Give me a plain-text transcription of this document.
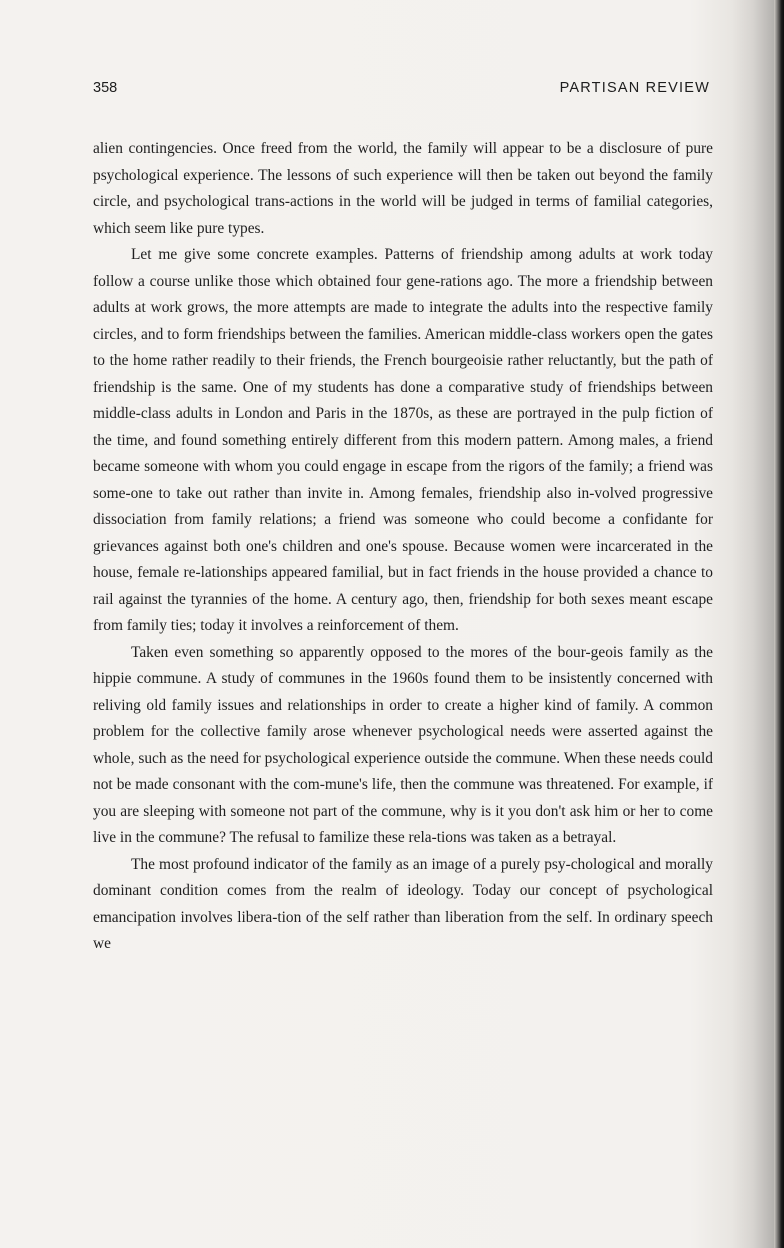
358	PARTISAN REVIEW

alien contingencies. Once freed from the world, the family will appear to be a disclosure of pure psychological experience. The lessons of such experience will then be taken out beyond the family circle, and psychological trans-actions in the world will be judged in terms of familial categories, which seem like pure types.

Let me give some concrete examples. Patterns of friendship among adults at work today follow a course unlike those which obtained four gene-rations ago. The more a friendship between adults at work grows, the more attempts are made to integrate the adults into the respective family circles, and to form friendships between the families. American middle-class workers open the gates to the home rather readily to their friends, the French bourgeoisie rather reluctantly, but the path of friendship is the same. One of my students has done a comparative study of friendships between middle-class adults in London and Paris in the 1870s, as these are portrayed in the pulp fiction of the time, and found something entirely different from this modern pattern. Among males, a friend became someone with whom you could engage in escape from the rigors of the family; a friend was some-one to take out rather than invite in. Among females, friendship also in-volved progressive dissociation from family relations; a friend was someone who could become a confidante for grievances against both one's children and one's spouse. Because women were incarcerated in the house, female re-lationships appeared familial, but in fact friends in the house provided a chance to rail against the tyrannies of the home. A century ago, then, friendship for both sexes meant escape from family ties; today it involves a reinforcement of them.

Taken even something so apparently opposed to the mores of the bour-geois family as the hippie commune. A study of communes in the 1960s found them to be insistently concerned with reliving old family issues and relationships in order to create a higher kind of family. A common problem for the collective family arose whenever psychological needs were asserted against the whole, such as the need for psychological experience outside the commune. When these needs could not be made consonant with the com-mune's life, then the commune was threatened. For example, if you are sleeping with someone not part of the commune, why is it you don't ask him or her to come live in the commune? The refusal to familize these rela-tions was taken as a betrayal.

The most profound indicator of the family as an image of a purely psy-chological and morally dominant condition comes from the realm of ideology. Today our concept of psychological emancipation involves libera-tion of the self rather than liberation from the self. In ordinary speech we
